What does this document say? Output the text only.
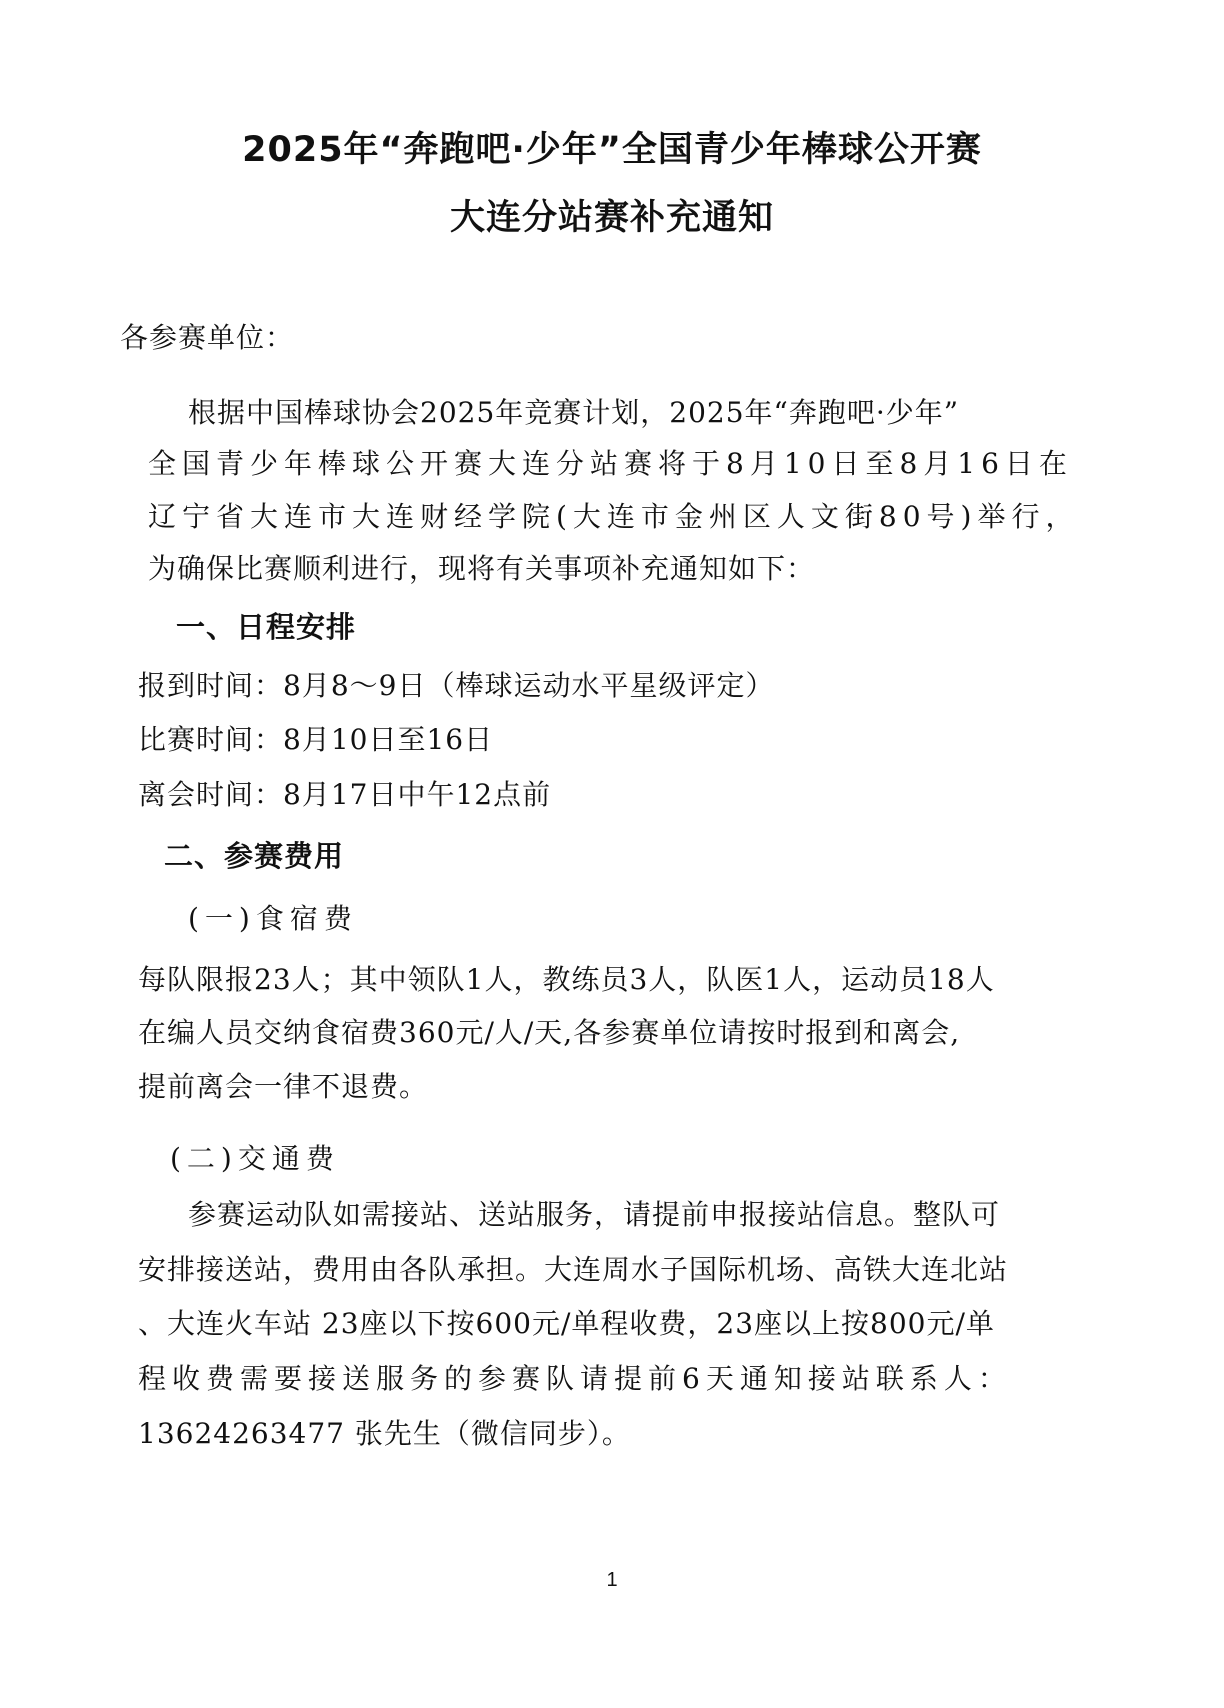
2025年“奔跑吧·少年”全国青少年棒球公开赛
大连分站赛补充通知
各参赛单位：
根据中国棒球协会2025年竞赛计划，2025年“奔跑吧·少年”
全国青少年棒球公开赛大连分站赛将于8月10日至8月16日在
辽宁省大连市大连财经学院(大连市金州区人文街80号)举行，
为确保比赛顺利进行，现将有关事项补充通知如下：
一、日程安排
报到时间：8月8～9日（棒球运动水平星级评定）
比赛时间：8月10日至16日
离会时间：8月17日中午12点前
二、参赛费用
(一)食宿费
每队限报23人；其中领队1人，教练员3人，队医1人，运动员18人
在编人员交纳食宿费360元/人/天,各参赛单位请按时报到和离会,
提前离会一律不退费。
(二)交通费
参赛运动队如需接站、送站服务，请提前申报接站信息。整队可
安排接送站，费用由各队承担。大连周水子国际机场、高铁大连北站
、大连火车站 23座以下按600元/单程收费，23座以上按800元/单
程收费需要接送服务的参赛队请提前6天通知接站联系人：
13624263477 张先生（微信同步）。
1
